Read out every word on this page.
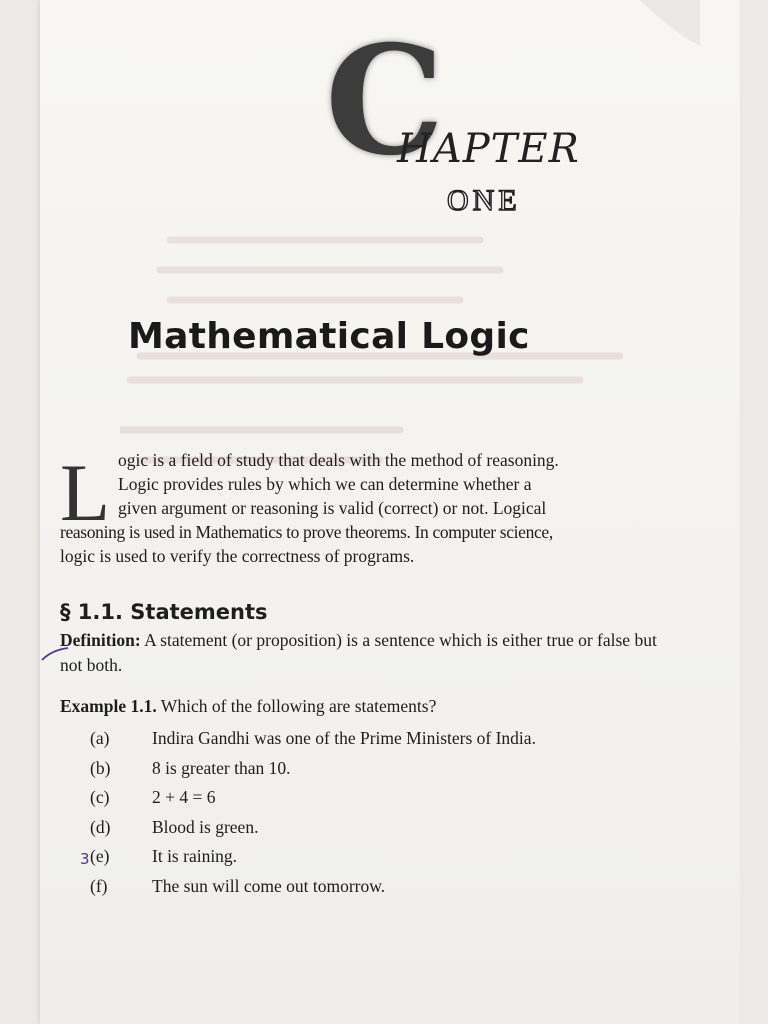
C
HAPTER
ONE
Mathematical Logic
L ogic is a field of study that deals with the method of reasoning.
Logic provides rules by which we can determine whether a
given argument or reasoning is valid (correct) or not. Logical
reasoning is used in Mathematics to prove theorems. In computer science,
logic is used to verify the correctness of programs.
§ 1.1. Statements
Definition: A statement (or proposition) is a sentence which is either true or false but not both.
Example 1.1. Which of the following are statements?
(a)	Indira Gandhi was one of the Prime Ministers of India.
(b)	8 is greater than 10.
(c)	2 + 4 = 6
(d)	Blood is green.
(e)	It is raining.
(f)	The sun will come out tomorrow.
3
